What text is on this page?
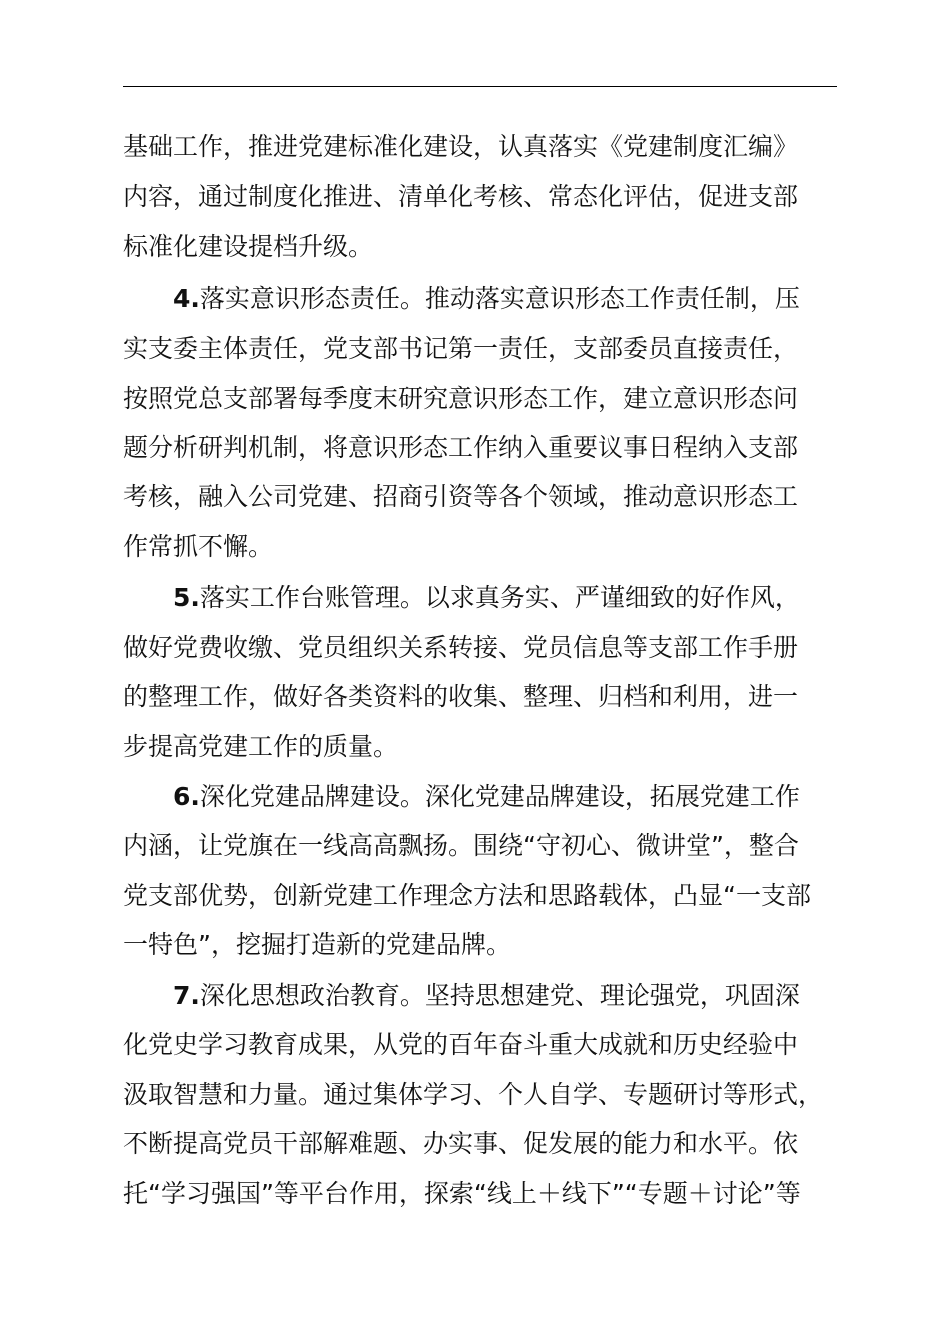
基础工作，推进党建标准化建设，认真落实《党建制度汇编》
内容，通过制度化推进、清单化考核、常态化评估，促进支部
标准化建设提档升级。
4.落实意识形态责任。推动落实意识形态工作责任制，压
实支委主体责任，党支部书记第一责任，支部委员直接责任，
按照党总支部署每季度末研究意识形态工作，建立意识形态问
题分析研判机制，将意识形态工作纳入重要议事日程纳入支部
考核，融入公司党建、招商引资等各个领域，推动意识形态工
作常抓不懈。
5.落实工作台账管理。以求真务实、严谨细致的好作风，
做好党费收缴、党员组织关系转接、党员信息等支部工作手册
的整理工作，做好各类资料的收集、整理、归档和利用，进一
步提高党建工作的质量。
6.深化党建品牌建设。深化党建品牌建设，拓展党建工作
内涵，让党旗在一线高高飘扬。围绕“守初心、微讲堂”，整合
党支部优势，创新党建工作理念方法和思路载体，凸显“一支部
一特色”，挖掘打造新的党建品牌。
7.深化思想政治教育。坚持思想建党、理论强党，巩固深
化党史学习教育成果，从党的百年奋斗重大成就和历史经验中
汲取智慧和力量。通过集体学习、个人自学、专题研讨等形式，
不断提高党员干部解难题、办实事、促发展的能力和水平。依
托“学习强国”等平台作用，探索“线上＋线下”“专题＋讨论”等
